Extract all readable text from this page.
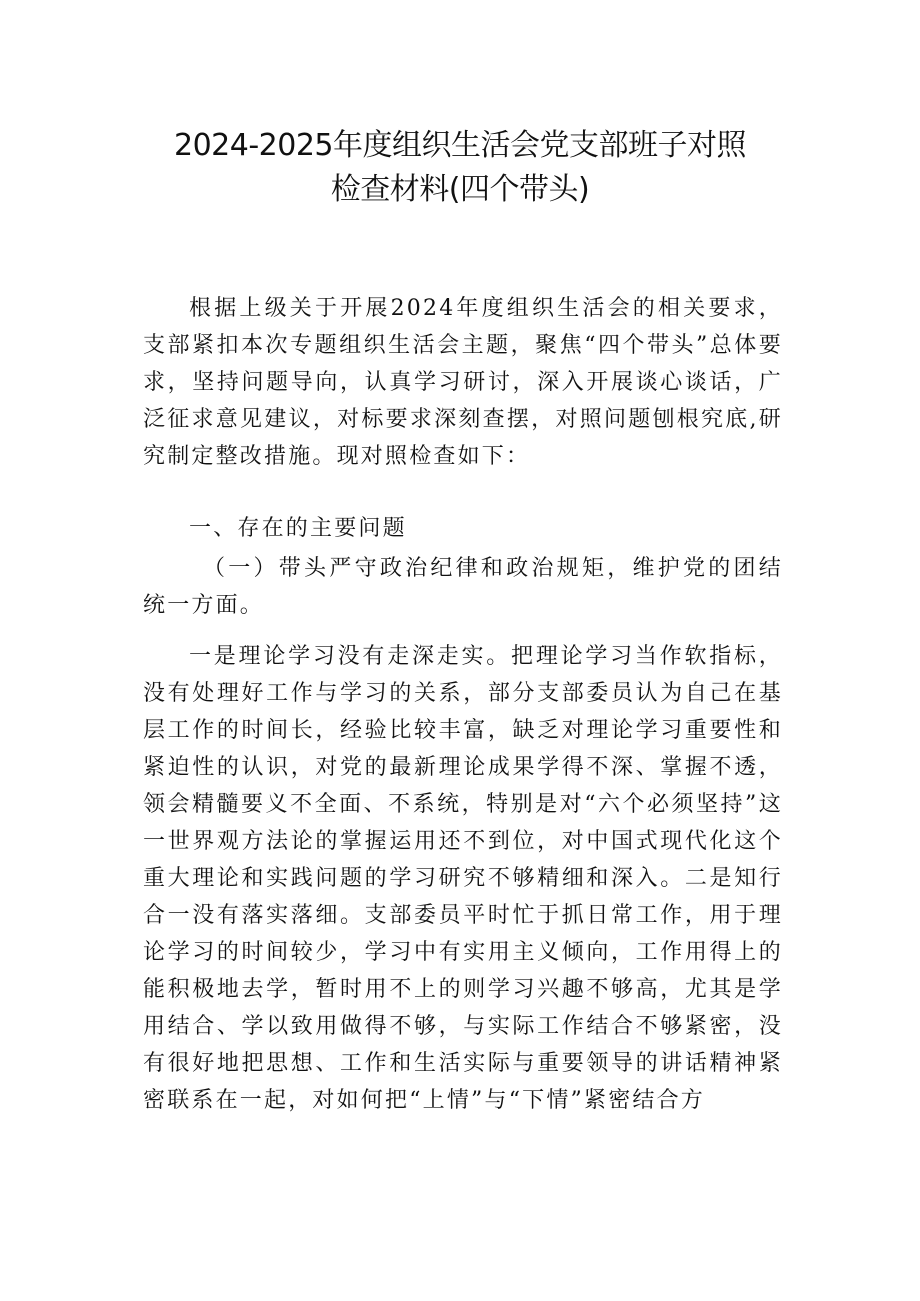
2024-2025年度组织生活会党支部班子对照
检查材料(四个带头)
根据上级关于开展2024年度组织生活会的相关要求，支部紧扣本次专题组织生活会主题，聚焦“四个带头”总体要求，坚持问题导向，认真学习研讨，深入开展谈心谈话，广泛征求意见建议，对标要求深刻查摆，对照问题刨根究底,研究制定整改措施。现对照检查如下：
一、存在的主要问题
（一）带头严守政治纪律和政治规矩，维护党的团结统一方面。
一是理论学习没有走深走实。把理论学习当作软指标，没有处理好工作与学习的关系，部分支部委员认为自己在基层工作的时间长，经验比较丰富，缺乏对理论学习重要性和紧迫性的认识，对党的最新理论成果学得不深、掌握不透，领会精髓要义不全面、不系统，特别是对“六个必须坚持”这一世界观方法论的掌握运用还不到位，对中国式现代化这个重大理论和实践问题的学习研究不够精细和深入。二是知行合一没有落实落细。支部委员平时忙于抓日常工作，用于理论学习的时间较少，学习中有实用主义倾向，工作用得上的能积极地去学，暂时用不上的则学习兴趣不够高，尤其是学用结合、学以致用做得不够，与实际工作结合不够紧密，没有很好地把思想、工作和生活实际与重要领导的讲话精神紧密联系在一起，对如何把“上情”与“下情”紧密结合方
